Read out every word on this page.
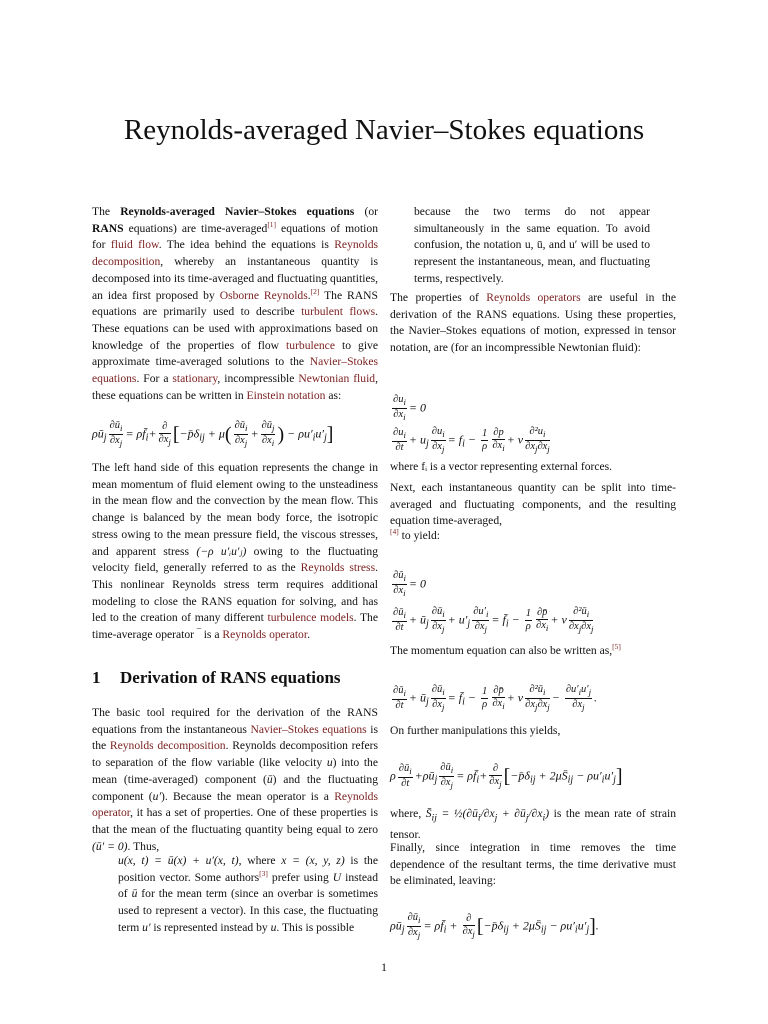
Reynolds-averaged Navier–Stokes equations
The Reynolds-averaged Navier–Stokes equations (or RANS equations) are time-averaged[1] equations of motion for fluid flow. The idea behind the equations is Reynolds decomposition, whereby an instantaneous quantity is decomposed into its time-averaged and fluctuating quantities, an idea first proposed by Osborne Reynolds.[2] The RANS equations are primarily used to describe turbulent flows. These equations can be used with approximations based on knowledge of the properties of flow turbulence to give approximate time-averaged solutions to the Navier–Stokes equations. For a stationary, incompressible Newtonian fluid, these equations can be written in Einstein notation as:
$\rho ū_j \frac{\partial ū_i}{\partial x_j}$ = $\rho f̄_i+ \frac{\partial}{\partial x_j}$ [$-p̄\delta_{ij} + \mu( \frac{\partial ū_i}{\partial x_j} + \frac{\partial ū_j}{\partial x_i}$ ) − $\rho u'_iu'_j$]
The left hand side of this equation represents the change in mean momentum of fluid element owing to the unsteadiness in the mean flow and the convection by the mean flow. This change is balanced by the mean body force, the isotropic stress owing to the mean pressure field, the viscous stresses, and apparent stress (−ρ u′ᵢu′ⱼ) owing to the fluctuating velocity field, generally referred to as the Reynolds stress. This nonlinear Reynolds stress term requires additional modeling to close the RANS equation for solving, and has led to the creation of many different turbulence models. The time-average operator ‾ is a Reynolds operator.
1 Derivation of RANS equations
The basic tool required for the derivation of the RANS equations from the instantaneous Navier–Stokes equations is the Reynolds decomposition. Reynolds decomposition refers to separation of the flow variable (like velocity u) into the mean (time-averaged) component (ū) and the fluctuating component (u′). Because the mean operator is a Reynolds operator, it has a set of properties. One of these properties is that the mean of the fluctuating quantity being equal to zero (ū′ = 0). Thus,
u(x, t) = ū(x) + u′(x, t), where x = (x, y, z) is the position vector. Some authors[3] prefer using U instead of ū for the mean term (since an overbar is sometimes used to represent a vector). In this case, the fluctuating term u′ is represented instead by u. This is possible
because the two terms do not appear simultaneously in the same equation. To avoid confusion, the notation u, ū, and u′ will be used to represent the instantaneous, mean, and fluctuating terms, respectively.
The properties of Reynolds operators are useful in the derivation of the RANS equations. Using these properties, the Navier–Stokes equations of motion, expressed in tensor notation, are (for an incompressible Newtonian fluid):
$\frac{\partial u_i}{\partial x_i} = 0$
$\frac{\partial u_i}{\partial t} + u_j \frac{\partial u_i}{\partial x_j} = f_i - \frac{1}{\rho} \frac{\partial p}{\partial x_i} + \nu \frac{\partial^2u_i}{\partial x_j\partial x_j}$
where fᵢ is a vector representing external forces.
Next, each instantaneous quantity can be split into time-averaged and fluctuating components, and the resulting equation time-averaged,
[4] to yield:
$\frac{\partial ū_i}{\partial x_i} = 0$
$\frac{\partial ū_i}{\partial t}$ + $ū_j \frac{\partial ū_i}{\partial x_j} + u'_j \frac{\partial u'_i}{\partial x_j}$ = $f̄_i - \frac{1}{\rho} \frac{\partial p̄}{\partial x_i} + \nu \frac{\partial^2ū_i}{\partial x_j\partial x_j}$
The momentum equation can also be written as,[5]
$\frac{\partial ū_i}{\partial t}$ + $ū_j \frac{\partial ū_i}{\partial x_j}$ = $f̄_i - \frac{1}{\rho} \frac{\partial p̄}{\partial x_i} + \nu \frac{\partial^2ū_i}{\partial x_j\partial x_j} - \frac{\partial u'_iu'_j}{\partial x_j}$ .
On further manipulations this yields,
ρ $\frac{\partial ū_i}{\partial t}$ $+\rho ū_j \frac{\partial ū_i}{\partial x_j}$ = $\rho f̄_i+ \frac{\partial}{\partial x_j}$ [$-p̄\delta_{ij}$ + $2\mu S̄_{ij} - \rho u'_iu'_j$]
where, $S̄_{ij}$ = $\frac{1}{2}(\partial ū_i/\partial x_j$ + $\partial ū_j/\partial x_i$) is the mean rate of strain tensor.
Finally, since integration in time removes the time dependence of the resultant terms, the time derivative must be eliminated, leaving:
$\rho ū_j \frac{\partial ū_i}{\partial x_j}$ = $\rho f̄_i + \frac{\partial}{\partial x_j}$ [$-p̄\delta_{ij}$ + $2\mu S̄_{ij} - \rho u'_iu'_j$].
1
